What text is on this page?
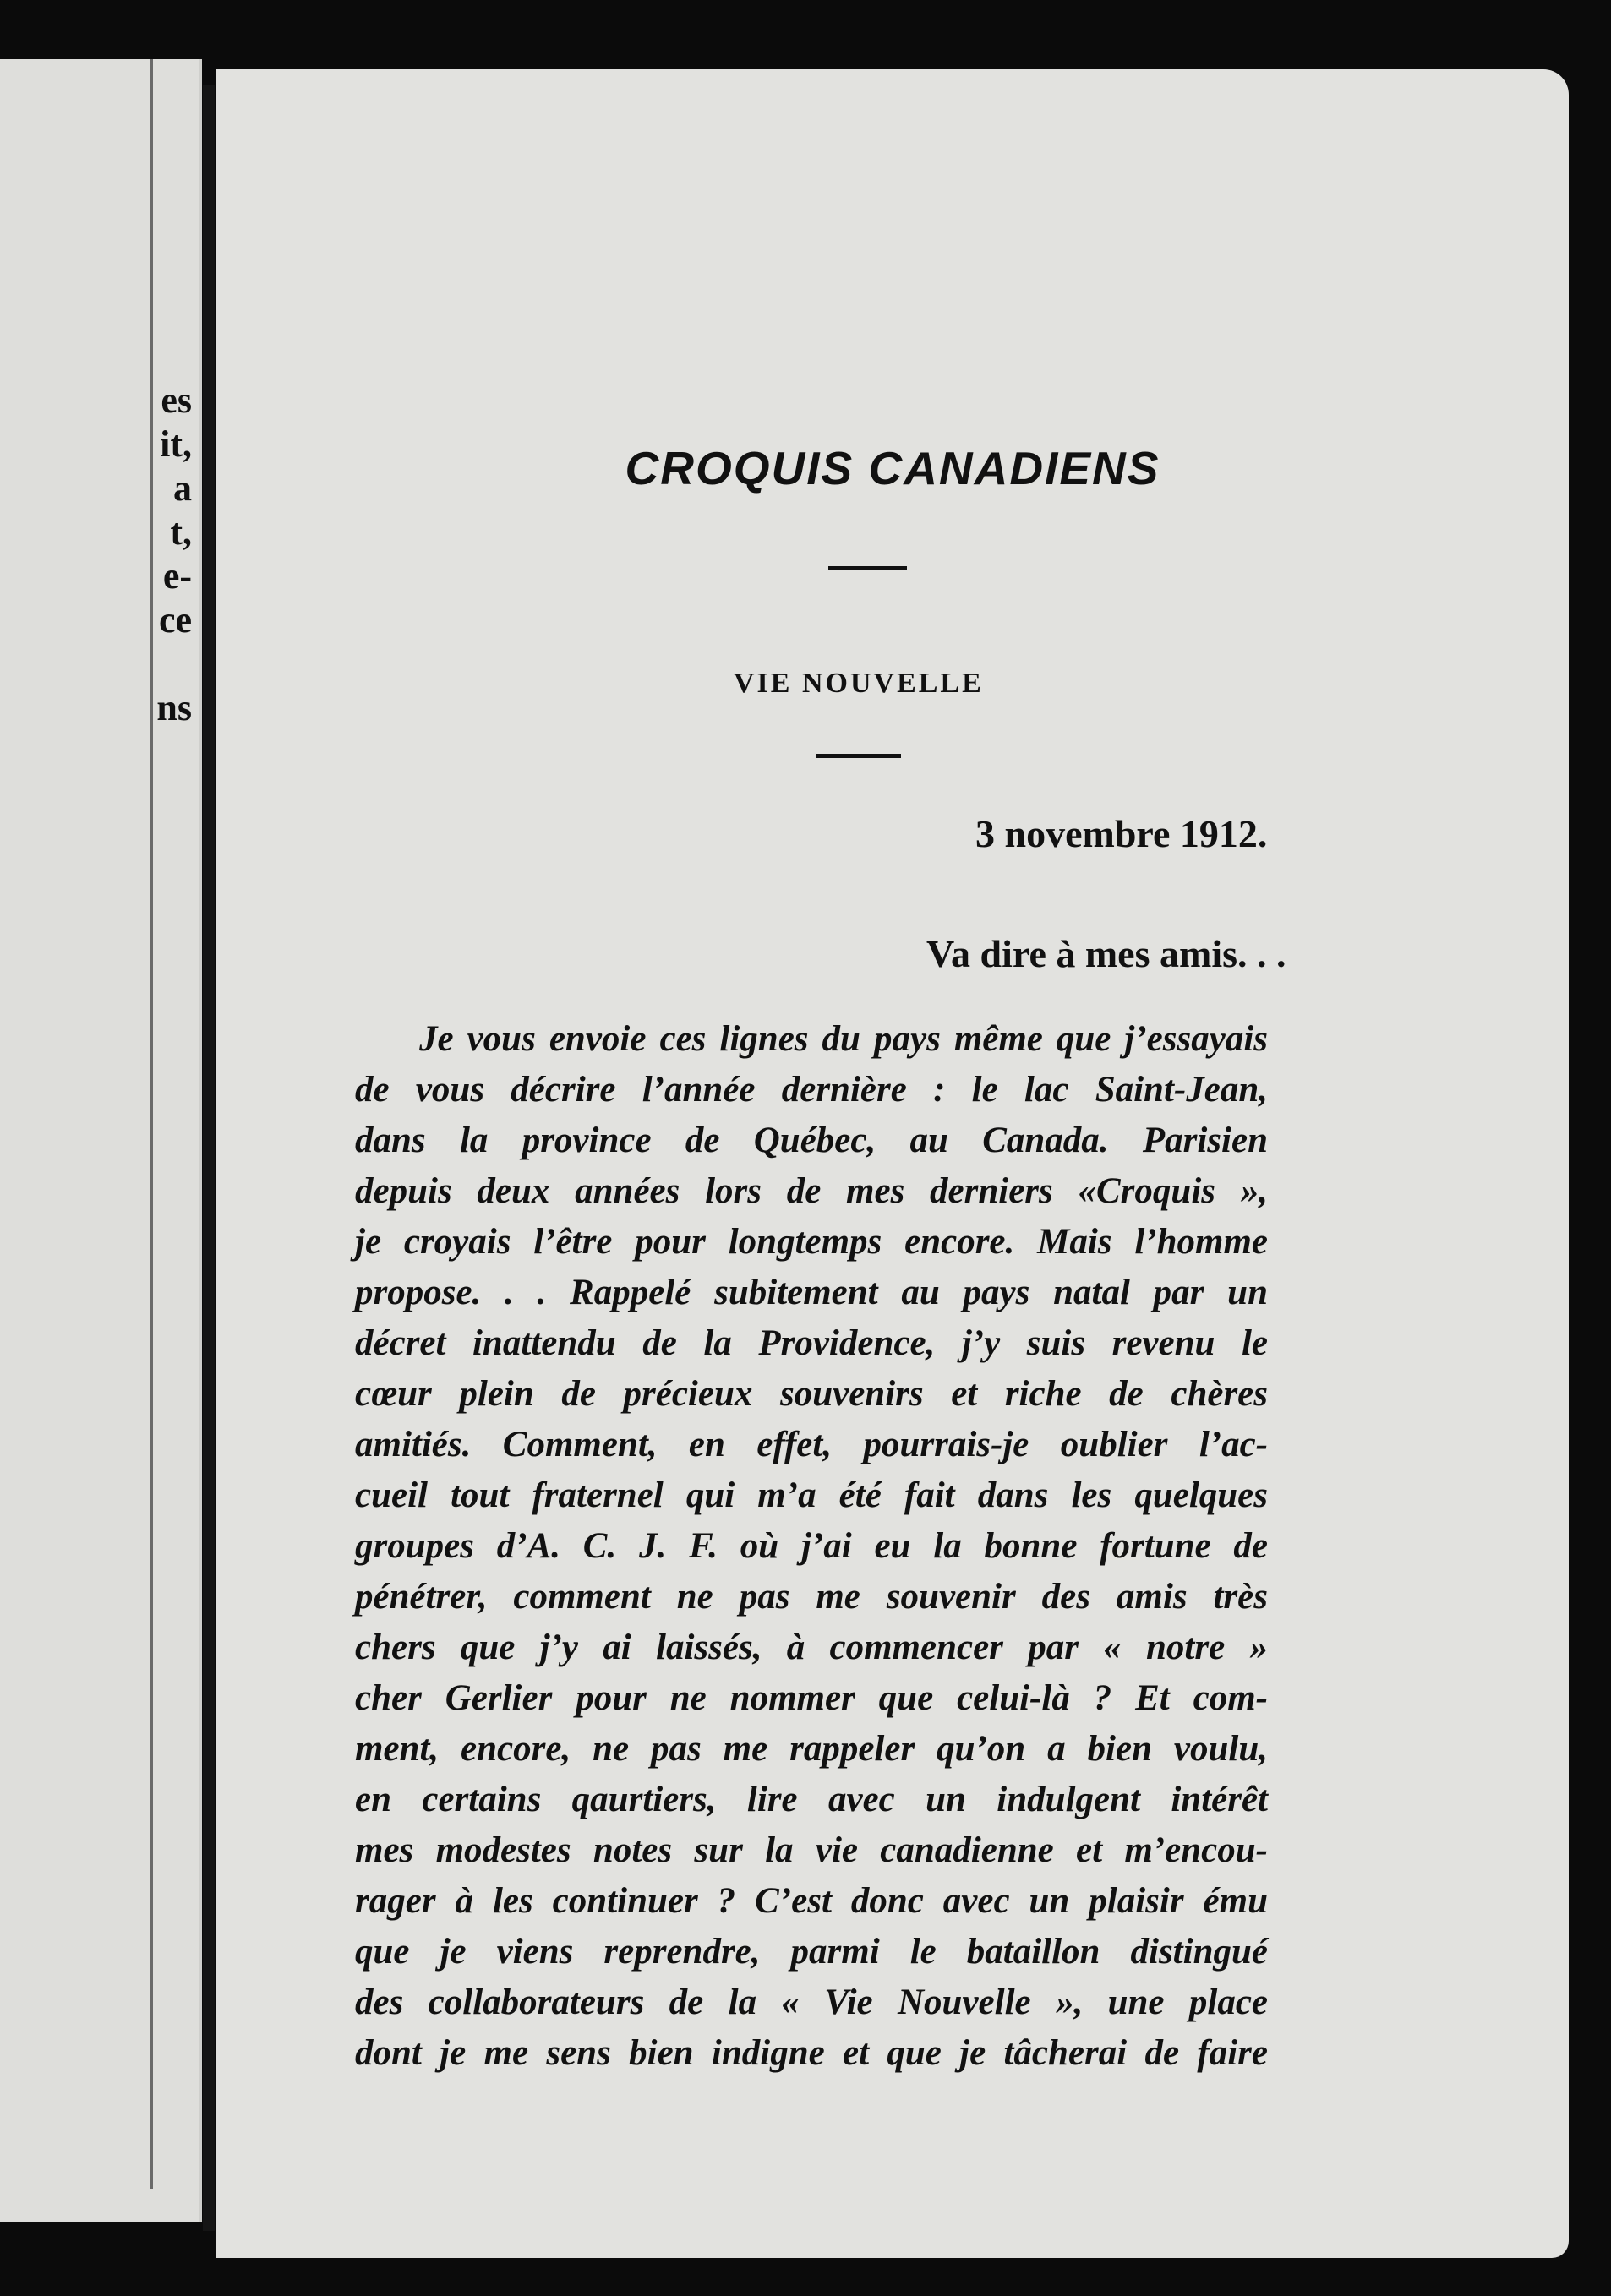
es
it,
a
t,
e-
ce
ns
CROQUIS CANADIENS
VIE NOUVELLE
3 novembre 1912.
Va dire à mes amis. . .
Je vous envoie ces lignes du pays même que j’essayais
de vous décrire l’année dernière : le lac Saint-Jean,
dans la province de Québec, au Canada. Parisien
depuis deux années lors de mes derniers «Croquis »,
je croyais l’être pour longtemps encore. Mais l’homme
propose. . . Rappelé subitement au pays natal par un
décret inattendu de la Providence, j’y suis revenu le
cœur plein de précieux souvenirs et riche de chères
amitiés. Comment, en effet, pourrais-je oublier l’ac-
cueil tout fraternel qui m’a été fait dans les quelques
groupes d’A. C. J. F. où j’ai eu la bonne fortune de
pénétrer, comment ne pas me souvenir des amis très
chers que j’y ai laissés, à commencer par « notre »
cher Gerlier pour ne nommer que celui-là ? Et com-
ment, encore, ne pas me rappeler qu’on a bien voulu,
en certains qaurtiers, lire avec un indulgent intérêt
mes modestes notes sur la vie canadienne et m’encou-
rager à les continuer ? C’est donc avec un plaisir ému
que je viens reprendre, parmi le bataillon distingué
des collaborateurs de la « Vie Nouvelle », une place
dont je me sens bien indigne et que je tâcherai de faire
